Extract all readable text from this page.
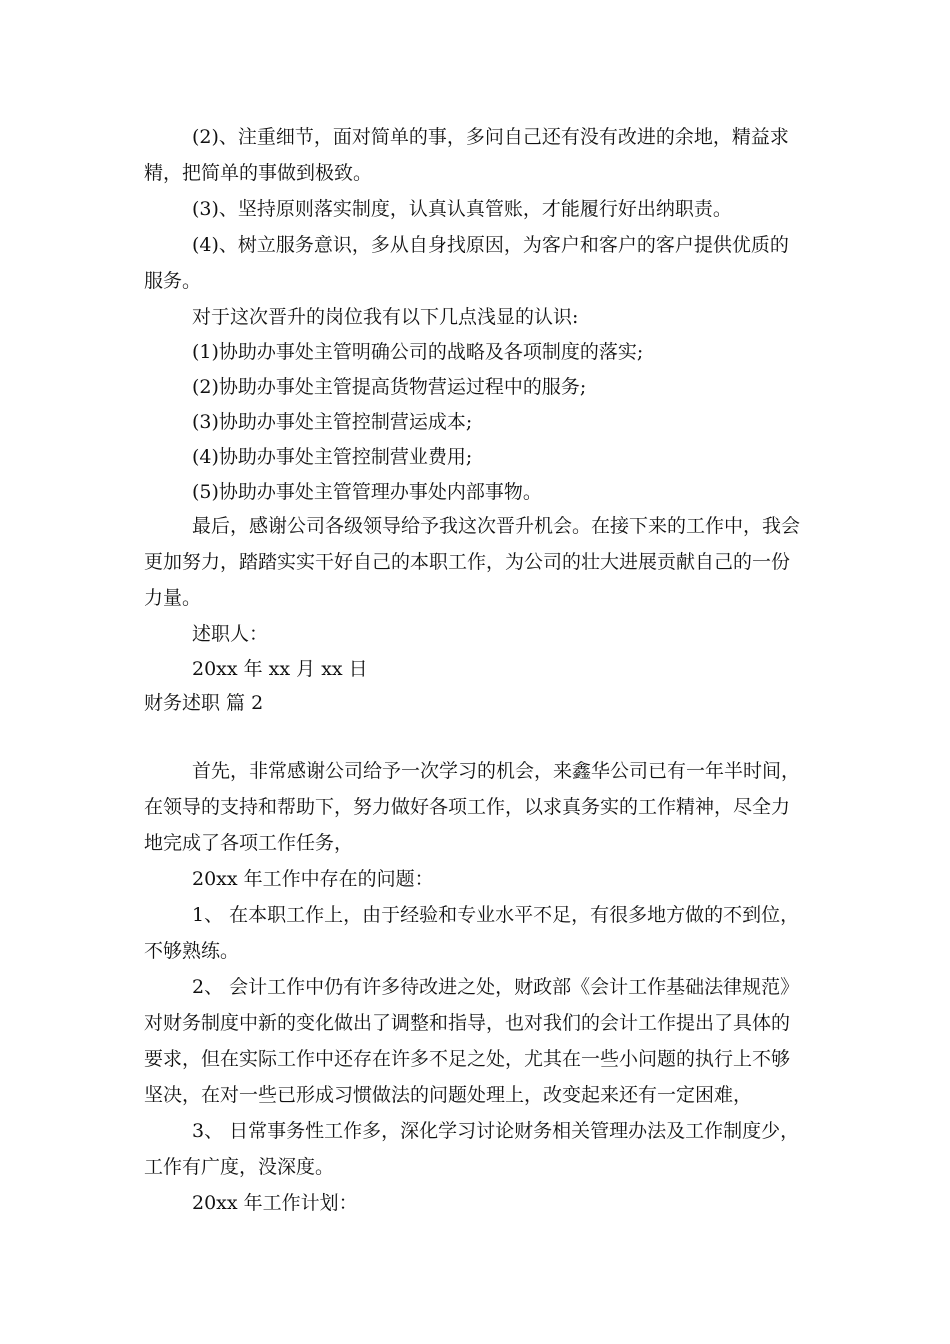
(2)、注重细节，面对简单的事，多问自己还有没有改进的余地，精益求
精，把简单的事做到极致。
(3)、坚持原则落实制度，认真认真管账，才能履行好出纳职责。
(4)、树立服务意识，多从自身找原因，为客户和客户的客户提供优质的
服务。
对于这次晋升的岗位我有以下几点浅显的认识:
(1)协助办事处主管明确公司的战略及各项制度的落实;
(2)协助办事处主管提高货物营运过程中的服务;
(3)协助办事处主管控制营运成本;
(4)协助办事处主管控制营业费用;
(5)协助办事处主管管理办事处内部事物。
最后，感谢公司各级领导给予我这次晋升机会。在接下来的工作中，我会
更加努力，踏踏实实干好自己的本职工作，为公司的壮大进展贡献自己的一份
力量。
述职人：
20xx 年 xx 月 xx 日
财务述职 篇 2
首先，非常感谢公司给予一次学习的机会，来鑫华公司已有一年半时间，
在领导的支持和帮助下，努力做好各项工作，以求真务实的工作精神，尽全力
地完成了各项工作任务，
20xx 年工作中存在的问题：
1、 在本职工作上，由于经验和专业水平不足，有很多地方做的不到位，
不够熟练。
2、 会计工作中仍有许多待改进之处，财政部《会计工作基础法律规范》
对财务制度中新的变化做出了调整和指导，也对我们的会计工作提出了具体的
要求，但在实际工作中还存在许多不足之处，尤其在一些小问题的执行上不够
坚决，在对一些已形成习惯做法的问题处理上，改变起来还有一定困难，
3、 日常事务性工作多，深化学习讨论财务相关管理办法及工作制度少，
工作有广度，没深度。
20xx 年工作计划：
